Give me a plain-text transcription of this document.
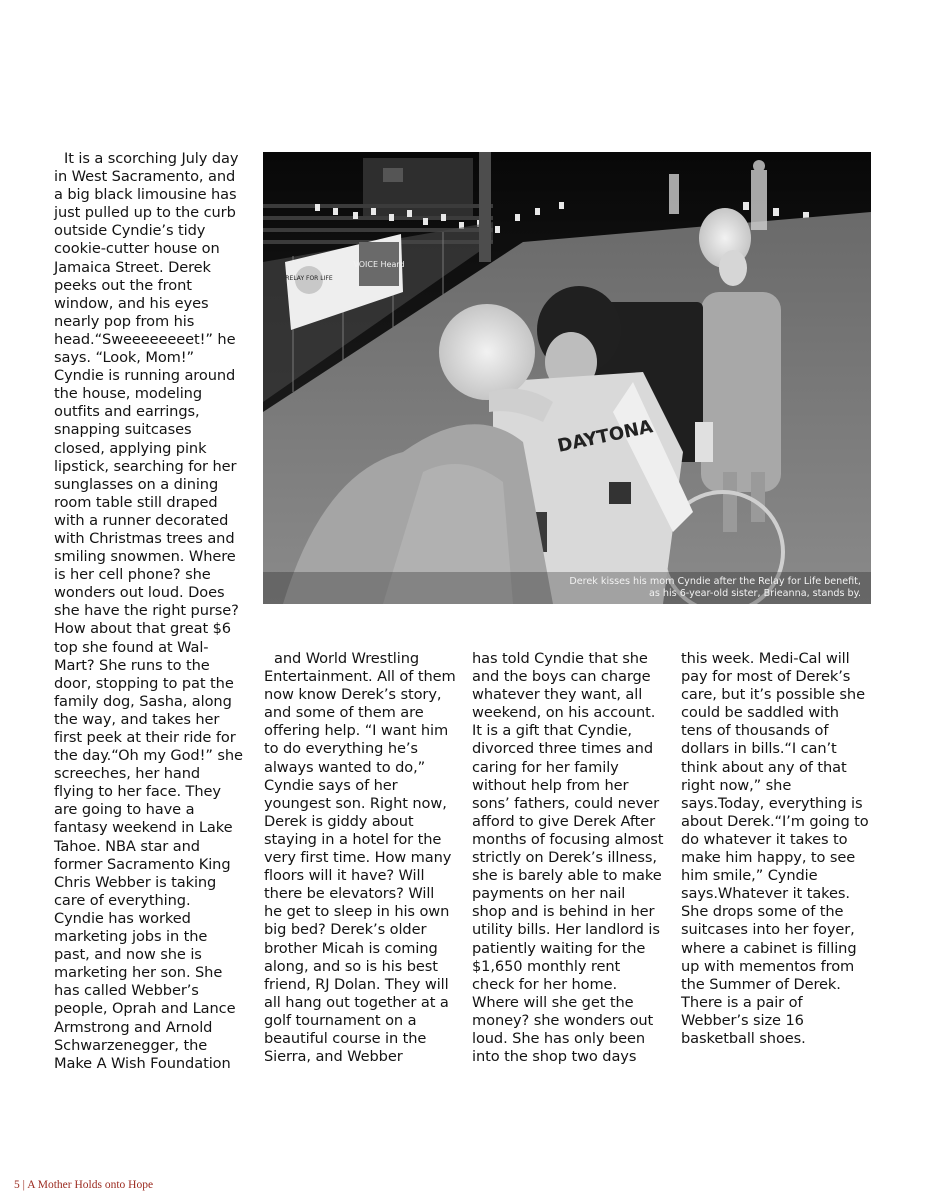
It is a scorching July day in West Sacramento, and a big black limousine has just pulled up to the curb outside Cyndie’s tidy cookie-cutter house on Jamaica Street. Derek peeks out the front window, and his eyes nearly pop from his head.“Sweeeeeeeet!” he says. “Look, Mom!” Cyndie is running around the house, modeling outfits and earrings, snapping suitcases closed, applying pink lipstick, searching for her sunglasses on a dining room table still draped with a runner decorated with Christmas trees and smiling snowmen. Where is her cell phone? she wonders out loud. Does she have the right purse? How about that great $6 top she found at Wal-Mart? She runs to the door, stopping to pat the family dog, Sasha, along the way, and takes her first peek at their ride for the day.“Oh my God!” she screeches, her hand flying to her face. They are going to have a fantasy weekend in Lake Tahoe. NBA star and former Sacramento King Chris Webber is taking care of everything. Cyndie has worked marketing jobs in the past, and now she is marketing her son. She has called Webber’s people, Oprah and Lance Armstrong and Arnold Schwarzenegger, the Make A Wish Foundation

RELAY FOR LIFE
VOICE Heard
DAYTONA
Derek kisses his mom Cyndie after the Relay for Life benefit, as his 6-year-old sister, Brieanna, stands by.

and World Wrestling Entertainment. All of them now know Derek’s story, and some of them are offering help. “I want him to do everything he’s always wanted to do,” Cyndie says of her youngest son. Right now, Derek is giddy about staying in a hotel for the very first time. How many floors will it have? Will there be elevators? Will he get to sleep in his own big bed? Derek’s older brother Micah is coming along, and so is his best friend, RJ Dolan. They will all hang out together at a golf tournament on a beautiful course in the Sierra, and Webber

has told Cyndie that she and the boys can charge whatever they want, all weekend, on his account. It is a gift that Cyndie, divorced three times and caring for her family without help from her sons’ fathers, could never afford to give Derek After months of focusing almost strictly on Derek’s illness, she is barely able to make payments on her nail shop and is behind in her utility bills. Her landlord is patiently waiting for the $1,650 monthly rent check for her home. Where will she get the money? she wonders out loud. She has only been into the shop two days

this week. Medi-Cal will pay for most of Derek’s care, but it’s possible she could be saddled with tens of thousands of dollars in bills.“I can’t think about any of that right now,” she says.Today, everything is about Derek.“I’m going to do whatever it takes to make him happy, to see him smile,” Cyndie says.Whatever it takes. She drops some of the suitcases into her foyer, where a cabinet is filling up with mementos from the Summer of Derek. There is a pair of Webber’s size 16 basketball shoes.

5 | A Mother Holds onto Hope
